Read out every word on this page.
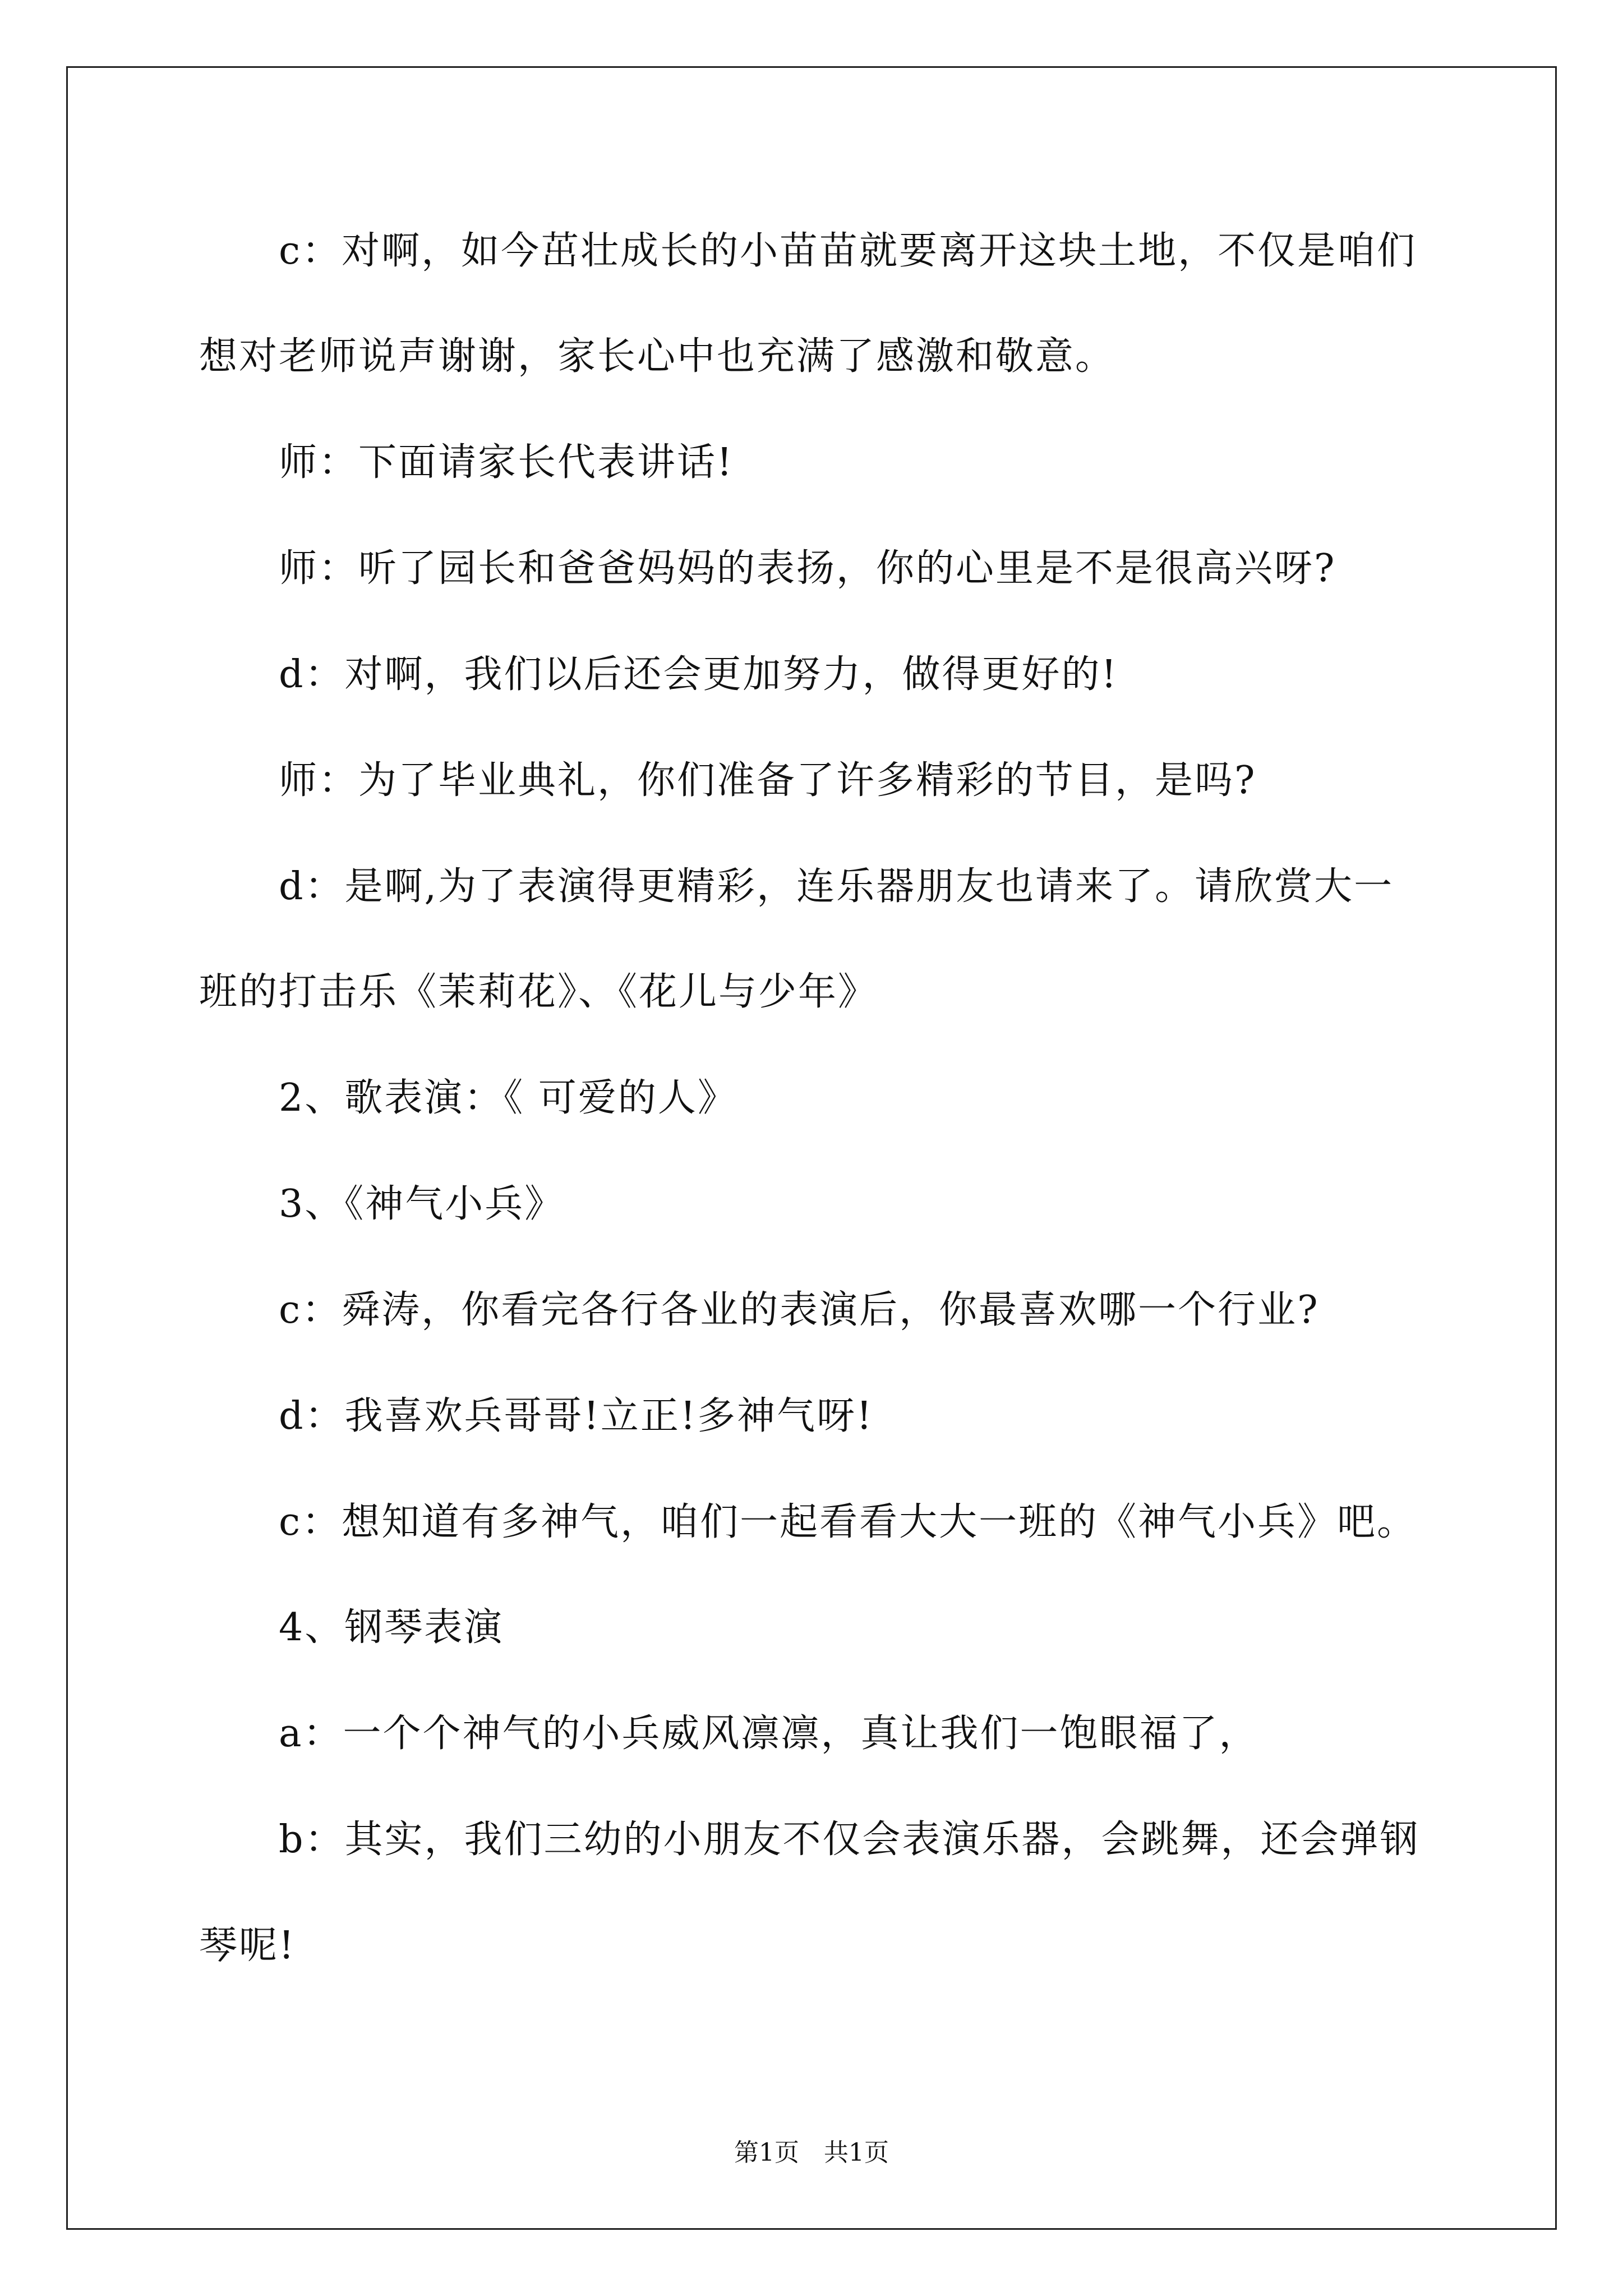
c：对啊，如今茁壮成长的小苗苗就要离开这块土地，不仅是咱们
想对老师说声谢谢，家长心中也充满了感激和敬意。
师：下面请家长代表讲话!
师：听了园长和爸爸妈妈的表扬，你的心里是不是很高兴呀?
d：对啊，我们以后还会更加努力，做得更好的!
师：为了毕业典礼，你们准备了许多精彩的节目，是吗?
d：是啊,为了表演得更精彩，连乐器朋友也请来了。请欣赏大一
班的打击乐《茉莉花》、《花儿与少年》
2、歌表演：《 可爱的人》
3、《神气小兵》
c：舜涛，你看完各行各业的表演后，你最喜欢哪一个行业?
d：我喜欢兵哥哥!立正!多神气呀!
c：想知道有多神气，咱们一起看看大大一班的《神气小兵》吧。
4、钢琴表演
a：一个个神气的小兵威风凛凛，真让我们一饱眼福了，
b：其实，我们三幼的小朋友不仅会表演乐器，会跳舞，还会弹钢
琴呢!
第1页　共1页
